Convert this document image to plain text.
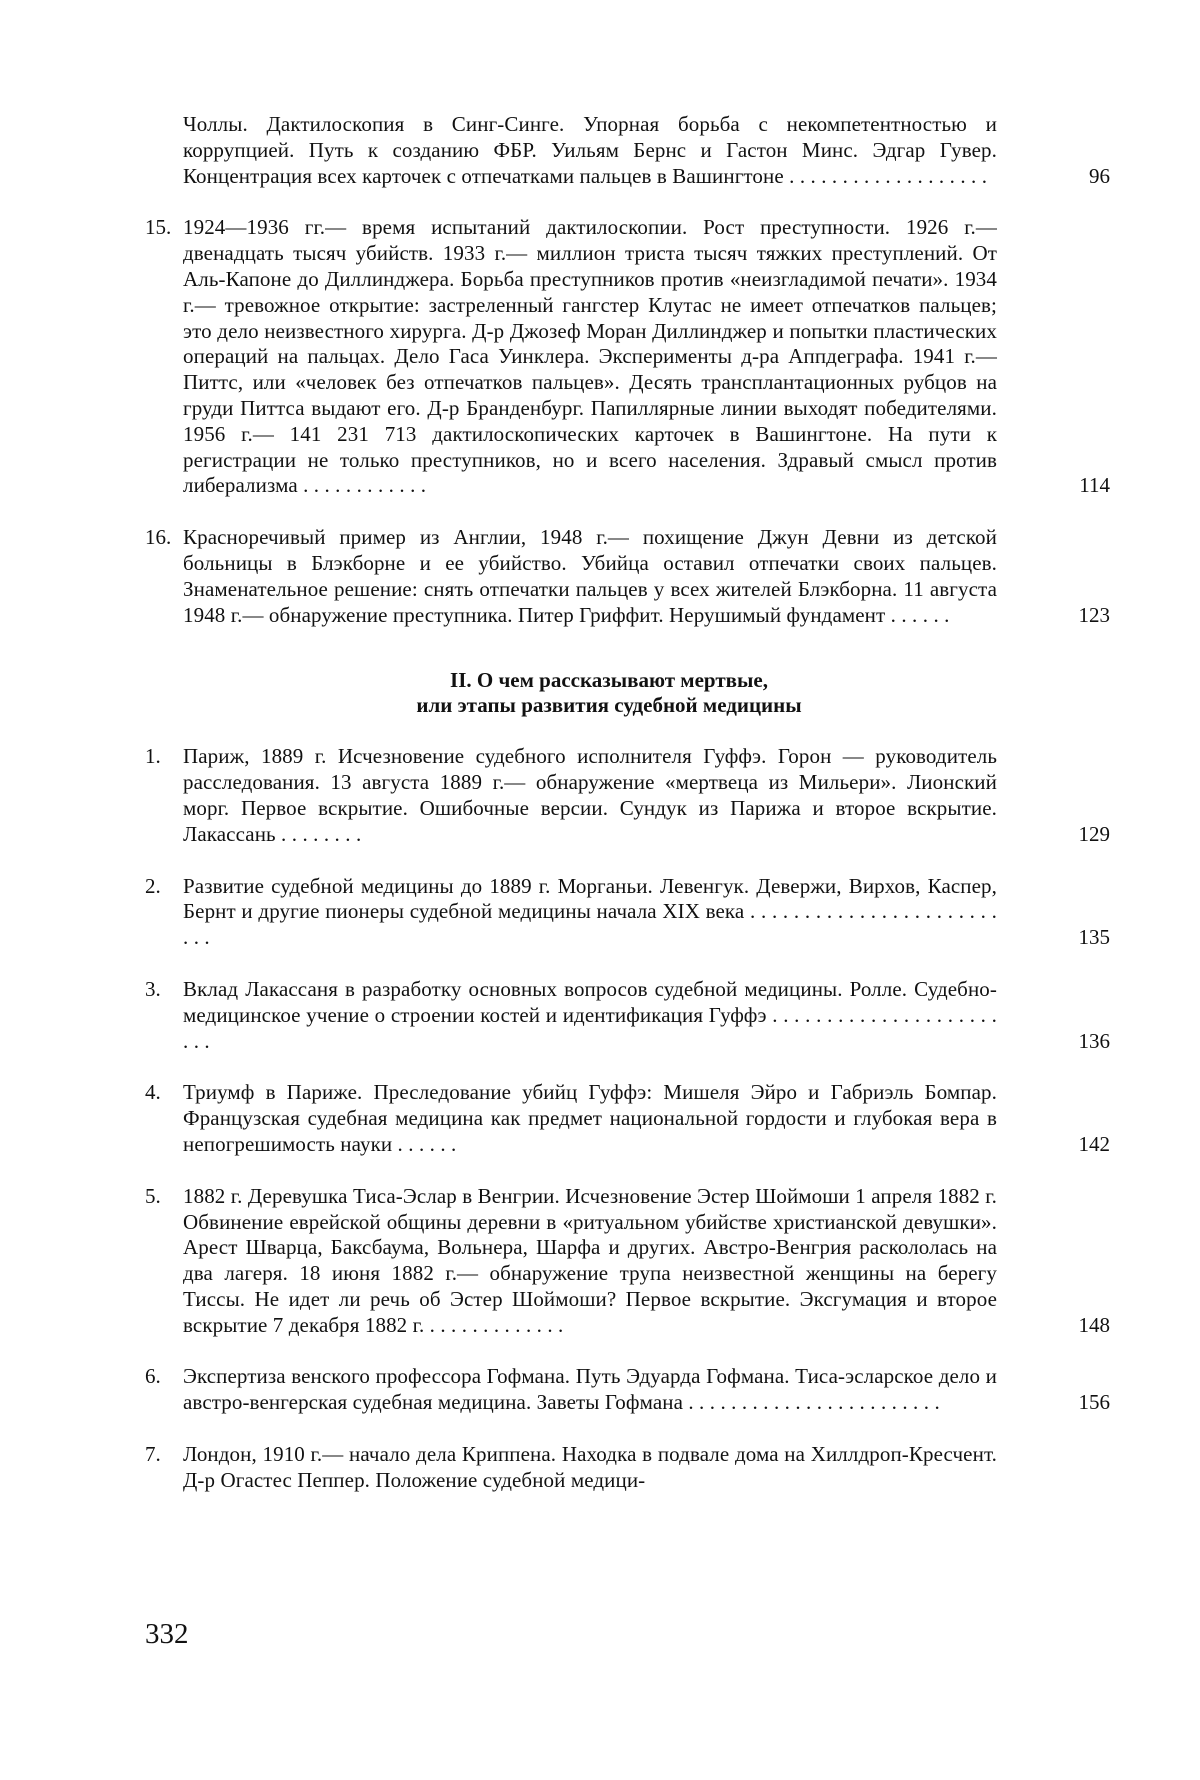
Чоллы. Дактилоскопия в Синг-Синге. Упорная борьба с некомпетентностью и коррупцией. Путь к созданию ФБР. Уильям Бернс и Гастон Минс. Эдгар Гувер. Концентрация всех карточек с отпечатками пальцев в Вашингтоне . . . . . . . . . . . . . . . . . . .	96
15. 1924—1936 гг.— время испытаний дактилоскопии. Рост преступности. 1926 г.— двенадцать тысяч убийств. 1933 г.— миллион триста тысяч тяжких преступлений. От Аль-Капоне до Диллинджера. Борьба преступников против «неизгладимой печати». 1934 г.— тревожное открытие: застреленный гангстер Клутас не имеет отпечатков пальцев; это дело неизвестного хирурга. Д-р Джозеф Моран Диллинджер и попытки пластических операций на пальцах. Дело Гаса Уинклера. Эксперименты д-ра Аппдеграфа. 1941 г.— Питтс, или «человек без отпечатков пальцев». Десять трансплантационных рубцов на груди Питтса выдают его. Д-р Бранденбург. Папиллярные линии выходят победителями. 1956 г.— 141 231 713 дактилоскопических карточек в Вашингтоне. На пути к регистрации не только преступников, но и всего населения. Здравый смысл против либерализма . . . . . . . . . . . .	114
16. Красноречивый пример из Англии, 1948 г.— похищение Джун Девни из детской больницы в Блэкборне и ее убийство. Убийца оставил отпечатки своих пальцев. Знаменательное решение: снять отпечатки пальцев у всех жителей Блэкборна. 11 августа 1948 г.— обнаружение преступника. Питер Гриффит. Нерушимый фундамент . . . . . .	123
II. О чем рассказывают мертвые,
или этапы развития судебной медицины
1.	Париж, 1889 г. Исчезновение судебного исполнителя Гуффэ. Горон — руководитель расследования. 13 августа 1889 г.— обнаружение «мертвеца из Мильери». Лионский морг. Первое вскрытие. Ошибочные версии. Сундук из Парижа и второе вскрытие. Лакассань . . . . . . . .	129
2.	Развитие судебной медицины до 1889 г. Морганьи. Левенгук. Девержи, Вирхов, Каспер, Бернт и другие пионеры судебной медицины начала XIX века . . . . . . . . . . . . . . . . . . . . . . . . . .	135
3.	Вклад Лакассаня в разработку основных вопросов судебной медицины. Ролле. Судебно-медицинское учение о строении костей и идентификация Гуффэ . . . . . . . . . . . . . . . . . . . . . . . .	136
4.	Триумф в Париже. Преследование убийц Гуффэ: Мишеля Эйро и Габриэль Бомпар. Французская судебная медицина как предмет национальной гордости и глубокая вера в непогрешимость науки . . . . . .	142
5.	1882 г. Деревушка Тиса-Эслар в Венгрии. Исчезновение Эстер Шоймоши 1 апреля 1882 г. Обвинение еврейской общины деревни в «ритуальном убийстве христианской девушки». Арест Шварца, Баксбаума, Вольнера, Шарфа и других. Австро-Венгрия раскололась на два лагеря. 18 июня 1882 г.— обнаружение трупа неизвестной женщины на берегу Тиссы. Не идет ли речь об Эстер Шоймоши? Первое вскрытие. Эксгумация и второе вскрытие 7 декабря 1882 г. . . . . . . . . . . . . .	148
6.	Экспертиза венского профессора Гофмана. Путь Эдуарда Гофмана. Тиса-эсларское дело и австро-венгерская судебная медицина. Заветы Гофмана . . . . . . . . . . . . . . . . . . . . . . . .	156
7.	Лондон, 1910 г.— начало дела Криппена. Находка в подвале дома на Хиллдроп-Кресчент. Д-р Огастес Пеппер. Положение судебной медици-
332
